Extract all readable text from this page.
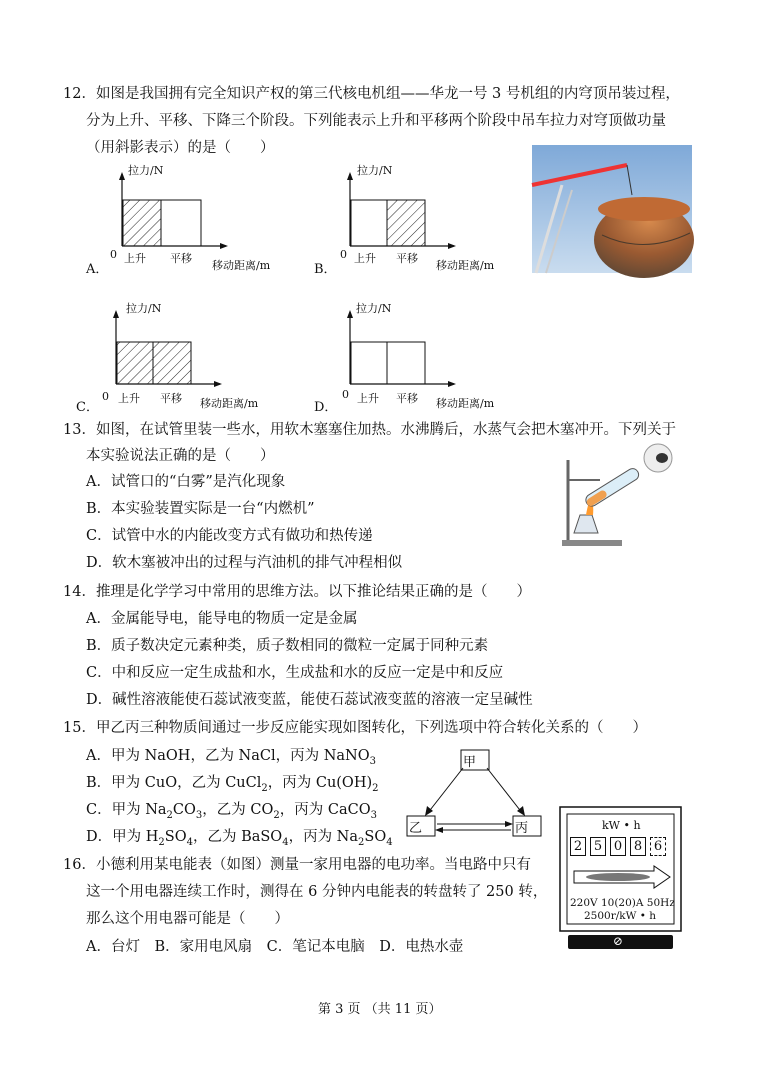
12．如图是我国拥有完全知识产权的第三代核电机组——华龙一号 3 号机组的内穹顶吊装过程，
分为上升、平移、下降三个阶段。下列能表示上升和平移两个阶段中吊车拉力对穹顶做功量
（用斜影表示）的是（　　）
A．
拉力/N
0 上升 平移
移动距离/m	B．
拉力/N
0 上升 平移
移动距离/m
C．
拉力/N
0 上升 平移 移动距离/m	D．
拉力/N
0 上升 平移 移动距离/m
13．如图，在试管里装一些水，用软木塞塞住加热。水沸腾后，水蒸气会把木塞冲开。下列关于
本实验说法正确的是（　　）
A．试管口的“白雾”是汽化现象
B．本实验装置实际是一台“内燃机”
C．试管中水的内能改变方式有做功和热传递
D．软木塞被冲出的过程与汽油机的排气冲程相似
14．推理是化学学习中常用的思维方法。以下推论结果正确的是（　　）
A．金属能导电，能导电的物质一定是金属
B．质子数决定元素种类，质子数相同的微粒一定属于同种元素
C．中和反应一定生成盐和水，生成盐和水的反应一定是中和反应
D．碱性溶液能使石蕊试液变蓝，能使石蕊试液变蓝的溶液一定呈碱性
15．甲乙丙三种物质间通过一步反应能实现如图转化，下列选项中符合转化关系的（　　）
A．甲为 NaOH，乙为 NaCl，丙为 NaNO$_3$
B．甲为 CuO，乙为 CuCl$_2$，丙为 $Cu(OH)_2$
C．甲为 $Na_2CO_3$，乙为 $CO_2$，丙为 CaCO$_3$
D．甲为 $H_2SO_4$，乙为 BaSO$_4$，丙为 $Na_2SO_4$
甲
乙	丙
16．小德利用某电能表（如图）测量一家用电器的电功率。当电路中只有
这一个用电器连续工作时，测得在 6 分钟内电能表的转盘转了 250 转，
那么这个用电器可能是（　　）
A．台灯　B．家用电风扇　C．笔记本电脑　D．电热水壶
kW • h
2 5 0 8 6
220V 10(20)A 50Hz
2500r/kW • h
⊘
第 3 页 （共 11 页）
